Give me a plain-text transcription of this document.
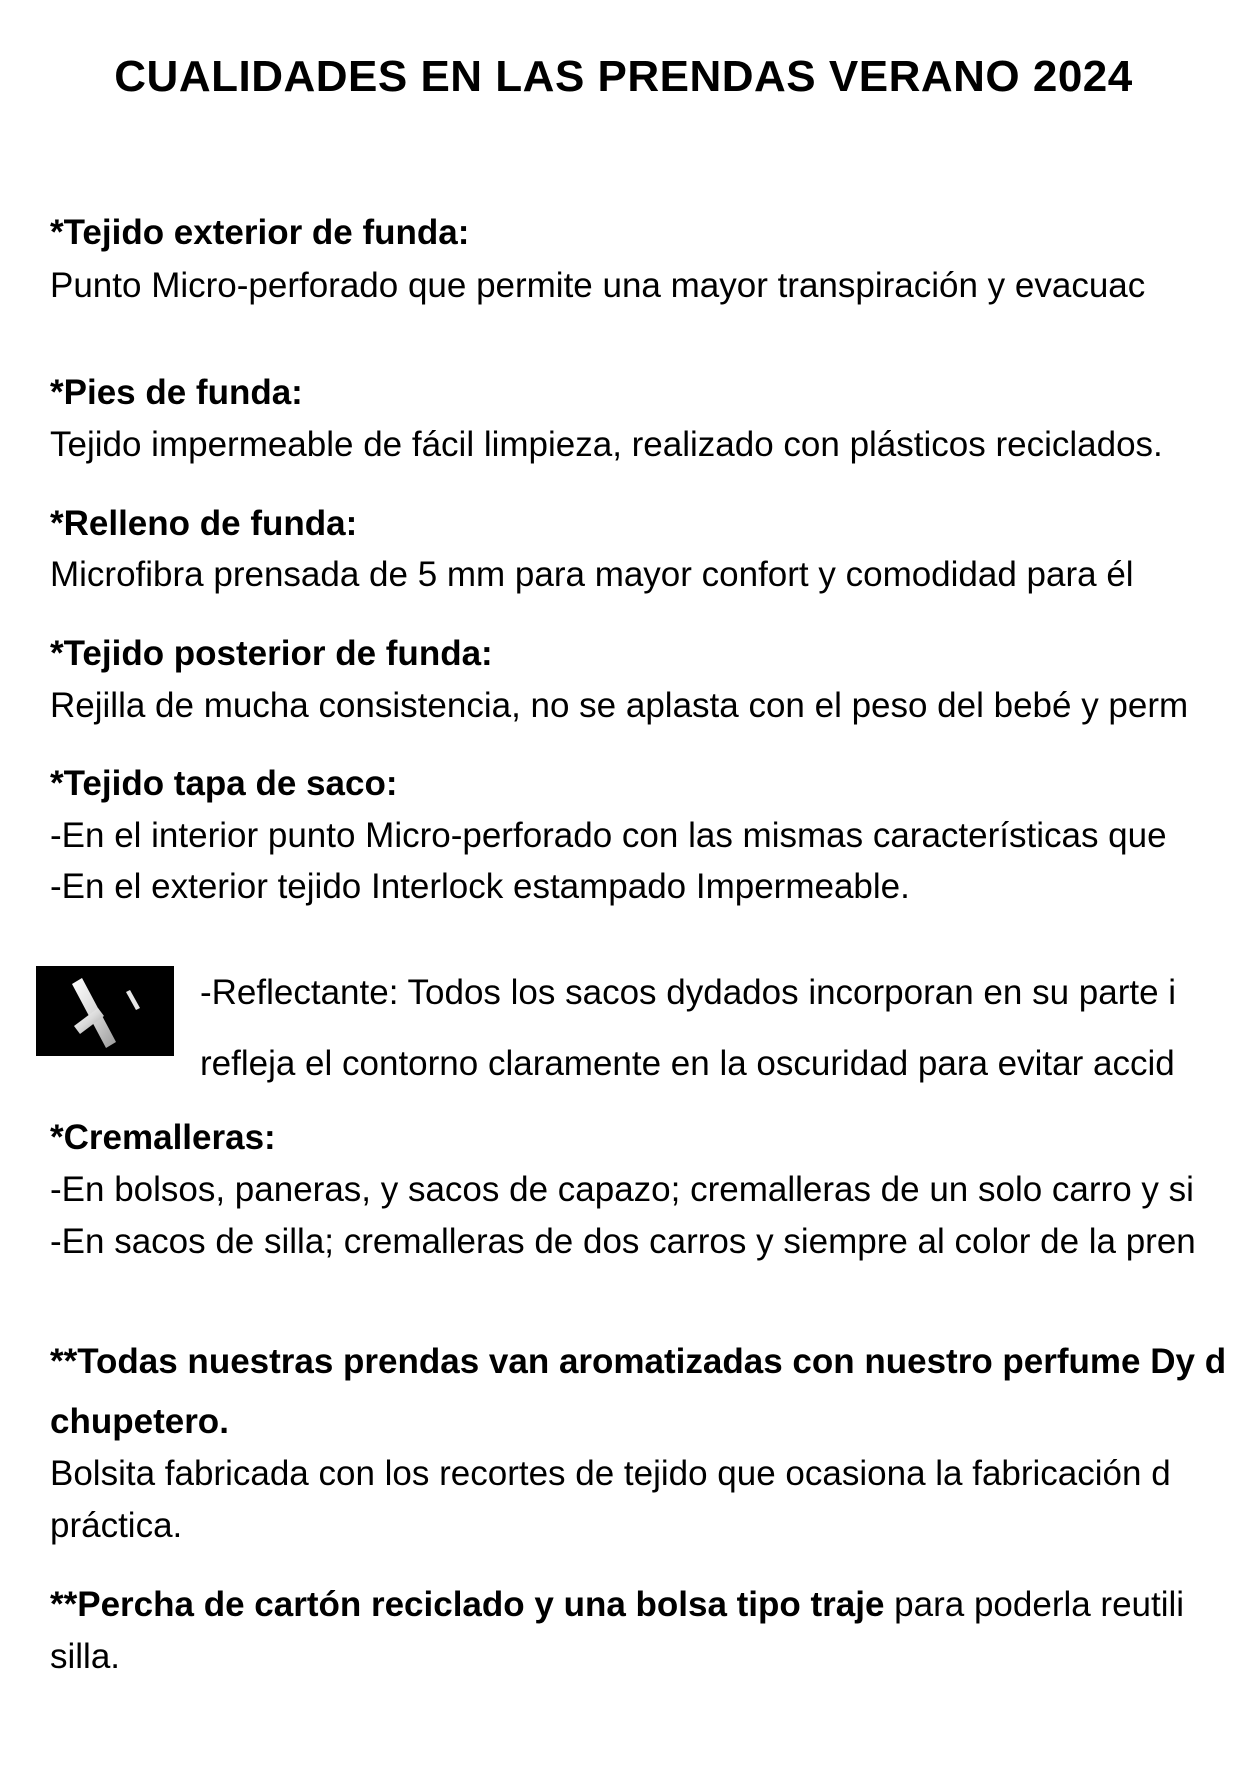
CUALIDADES EN LAS PRENDAS VERANO 2024
*Tejido exterior de funda:
Punto Micro-perforado que permite una mayor transpiración y evacuac
*Pies de funda:
Tejido impermeable de fácil limpieza, realizado con plásticos reciclados.
*Relleno de funda:
Microfibra prensada de 5 mm para mayor confort y comodidad para él
*Tejido posterior de funda:
Rejilla de mucha consistencia, no se aplasta con el peso del bebé y perm
*Tejido tapa de saco:
-En el interior punto Micro-perforado con las mismas características que
-En el exterior tejido Interlock estampado Impermeable.
-Reflectante: Todos los sacos dydados incorporan en su parte i
refleja el contorno claramente en la oscuridad para evitar accid
*Cremalleras:
-En bolsos, paneras, y sacos de capazo; cremalleras de un solo carro y si
-En sacos de silla; cremalleras de dos carros y siempre al color de la pren
**Todas nuestras prendas van aromatizadas con nuestro perfume Dy d
chupetero.
Bolsita fabricada con los recortes de tejido que ocasiona la fabricación d
práctica.
**Percha de cartón reciclado y una bolsa tipo traje para poderla reutili
silla.
